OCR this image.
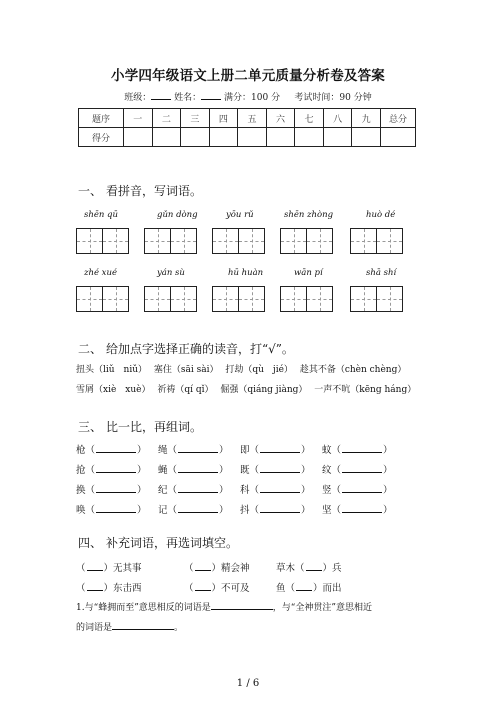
小学四年级语文上册二单元质量分析卷及答案
班级：	姓名：	满分：100 分 考试时间：90 分钟
题序	一	二	三	四	五	六	七	八	九	总分
得分										
一、 看拼音，写词语。
shēn qū	gǔn dòng	yōu rǔ	shēn zhòng	huò dé
zhé xué	yán sù	hū huàn	wān pí	shā shí
二、 给加点字选择正确的读音，打“√”。
扭头（liǔ　niǔ） 塞住（sāi sài） 打劫（qù　jié） 趁其不备（chèn chèng）
雪屑（xiè　xuè） 祈祷（qí qǐ） 倔强（qiáng jiàng） 一声不吭（kēng háng）
三、 比一比，再组词。
枪（	）	绳（	）	即（	）	蚊（	）
抢（	）	蝇（	）	既（	）	纹（	）
换（	）	纪（	）	科（	）	竖（	）
唤（	）	记（	）	抖（	）	坚（	）
四、 补充词语，再选词填空。
（ ）无其事	（ ）精会神	草木（ ）兵
（ ）东击西	（ ）不可及	鱼（ ）而出
1.与“蜂拥而至”意思相反的词语是	，与“全神贯注”意思相近
的词语是	。
1 / 6
